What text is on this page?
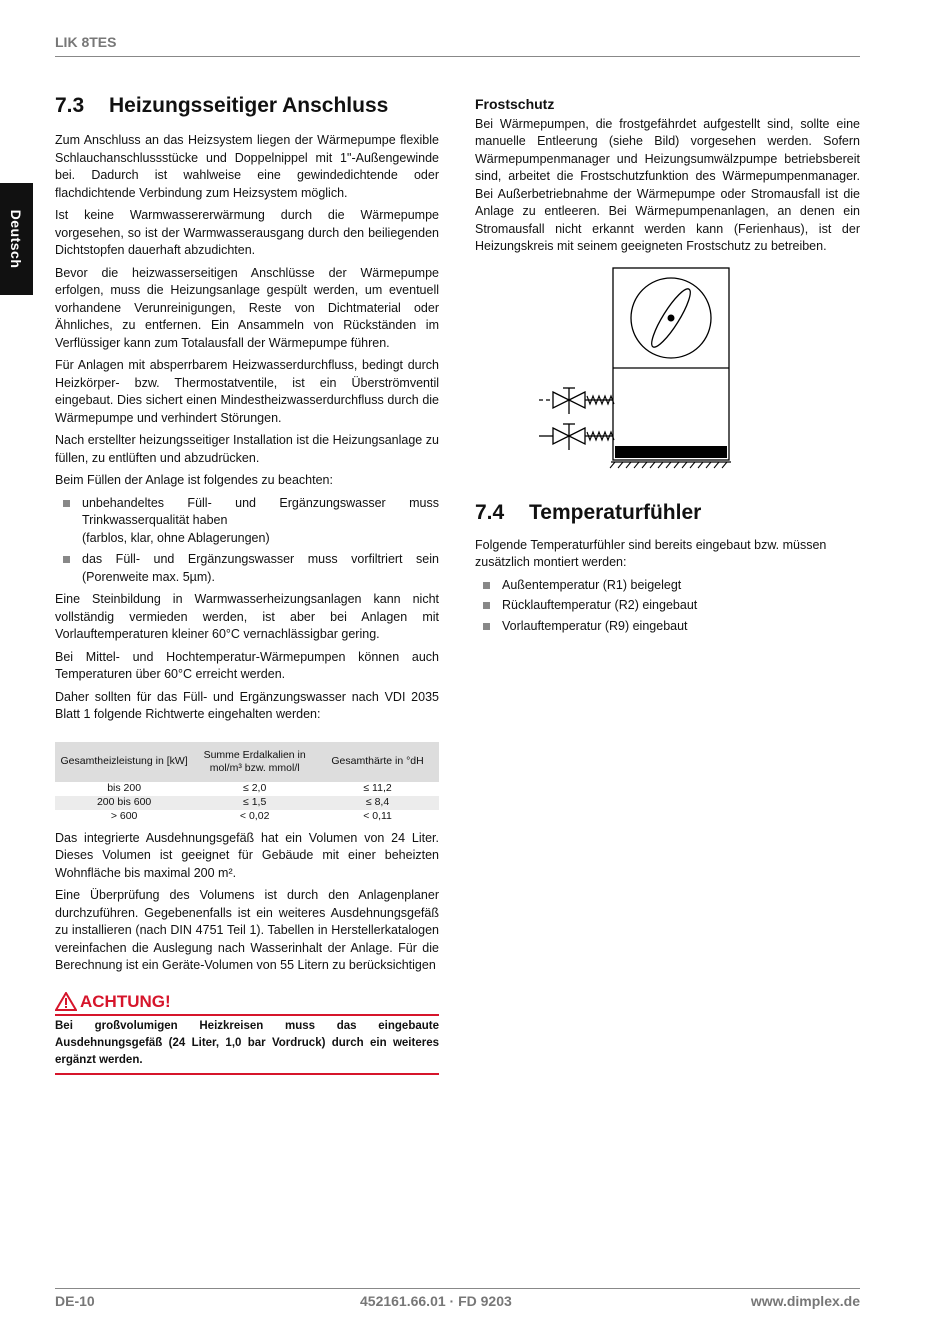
LIK 8TES
Deutsch
7.3 Heizungsseitiger Anschluss

Zum Anschluss an das Heizsystem liegen der Wärmepumpe flexible Schlauchanschlussstücke und Doppelnippel mit 1"-Außengewinde bei. Dadurch ist wahlweise eine gewindedichtende oder flachdichtende Verbindung zum Heizsystem möglich.

Ist keine Warmwassererwärmung durch die Wärmepumpe vorgesehen, so ist der Warmwasserausgang durch den beiliegenden Dichtstopfen dauerhaft abzudichten.

Bevor die heizwasserseitigen Anschlüsse der Wärmepumpe erfolgen, muss die Heizungsanlage gespült werden, um eventuell vorhandene Verunreinigungen, Reste von Dichtmaterial oder Ähnliches, zu entfernen. Ein Ansammeln von Rückständen im Verflüssiger kann zum Totalausfall der Wärmepumpe führen.

Für Anlagen mit absperrbarem Heizwasserdurchfluss, bedingt durch Heizkörper- bzw. Thermostatventile, ist ein Überströmventil eingebaut. Dies sichert einen Mindestheizwasserdurchfluss durch die Wärmepumpe und verhindert Störungen.

Nach erstellter heizungsseitiger Installation ist die Heizungsanlage zu füllen, zu entlüften und abzudrücken.

Beim Füllen der Anlage ist folgendes zu beachten:

unbehandeltes Füll- und Ergänzungswasser muss Trinkwasserqualität haben
(farblos, klar, ohne Ablagerungen)
das Füll- und Ergänzungswasser muss vorfiltriert sein (Porenweite max. 5µm).

Eine Steinbildung in Warmwasserheizungsanlagen kann nicht vollständig vermieden werden, ist aber bei Anlagen mit Vorlauftemperaturen kleiner 60°C vernachlässigbar gering.

Bei Mittel- und Hochtemperatur-Wärmepumpen können auch Temperaturen über 60°C erreicht werden.

Daher sollten für das Füll- und Ergänzungswasser nach VDI 2035 Blatt 1 folgende Richtwerte eingehalten werden:

Gesamtheizleistung in [kW]	Summe Erdalkalien in mol/m³ bzw. mmol/l	Gesamthärte in °dH
bis 200	≤ 2,0	≤ 11,2
200 bis 600	≤ 1,5	≤ 8,4
> 600	< 0,02	< 0,11

Das integrierte Ausdehnungsgefäß hat ein Volumen von 24 Liter. Dieses Volumen ist geeignet für Gebäude mit einer beheizten Wohnfläche bis maximal 200 m².

Eine Überprüfung des Volumens ist durch den Anlagenplaner durchzuführen. Gegebenenfalls ist ein weiteres Ausdehnungsgefäß zu installieren (nach DIN 4751 Teil 1). Tabellen in Herstellerkatalogen vereinfachen die Auslegung nach Wasserinhalt der Anlage. Für die Berechnung ist ein Geräte-Volumen von 55 Litern zu berücksichtigen

ACHTUNG!
Bei großvolumigen Heizkreisen muss das eingebaute Ausdehnungsgefäß (24 Liter, 1,0 bar Vordruck) durch ein weiteres ergänzt werden.
Frostschutz

Bei Wärmepumpen, die frostgefährdet aufgestellt sind, sollte eine manuelle Entleerung (siehe Bild) vorgesehen werden. Sofern Wärmepumpenmanager und Heizungsumwälzpumpe betriebsbereit sind, arbeitet die Frostschutzfunktion des Wärmepumpenmanager. Bei Außerbetriebnahme der Wärmepumpe oder Stromausfall ist die Anlage zu entleeren. Bei Wärmepumpenanlagen, an denen ein Stromausfall nicht erkannt werden kann (Ferienhaus), ist der Heizungskreis mit seinem geeigneten Frostschutz zu betreiben.

7.4 Temperaturfühler

Folgende Temperaturfühler sind bereits eingebaut bzw. müssen zusätzlich montiert werden:

Außentemperatur (R1) beigelegt
Rücklauftemperatur (R2) eingebaut
Vorlauftemperatur (R9) eingebaut
DE-10	452161.66.01 · FD 9203	www.dimplex.de
